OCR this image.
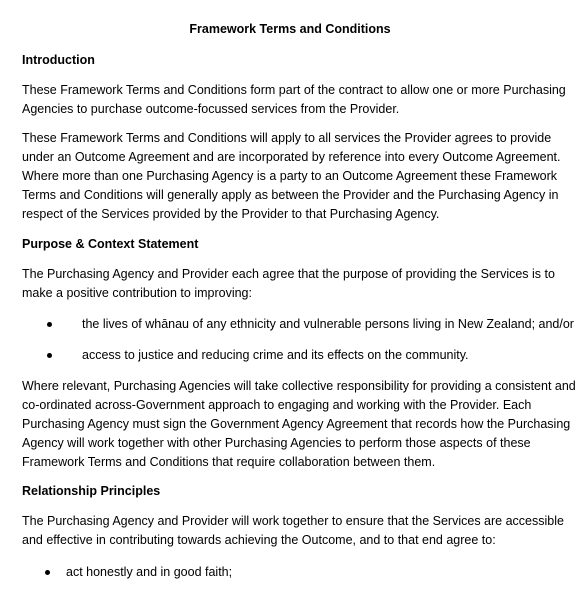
Framework Terms and Conditions
Introduction
These Framework Terms and Conditions form part of the contract to allow one or more Purchasing
Agencies to purchase outcome-focussed services from the Provider.
These Framework Terms and Conditions will apply to all services the Provider agrees to provide
under an Outcome Agreement and are incorporated by reference into every Outcome Agreement.
Where more than one Purchasing Agency is a party to an Outcome Agreement these Framework
Terms and Conditions will generally apply as between the Provider and the Purchasing Agency in
respect of the Services provided by the Provider to that Purchasing Agency.
Purpose & Context Statement
The Purchasing Agency and Provider each agree that the purpose of providing the Services is to
make a positive contribution to improving:
the lives of whānau of any ethnicity and vulnerable persons living in New Zealand; and/or
access to justice and reducing crime and its effects on the community.
Where relevant, Purchasing Agencies will take collective responsibility for providing a consistent and
co-ordinated across-Government approach to engaging and working with the Provider. Each
Purchasing Agency must sign the Government Agency Agreement that records how the Purchasing
Agency will work together with other Purchasing Agencies to perform those aspects of these
Framework Terms and Conditions that require collaboration between them.
Relationship Principles
The Purchasing Agency and Provider will work together to ensure that the Services are accessible
and effective in contributing towards achieving the Outcome, and to that end agree to:
act honestly and in good faith;
